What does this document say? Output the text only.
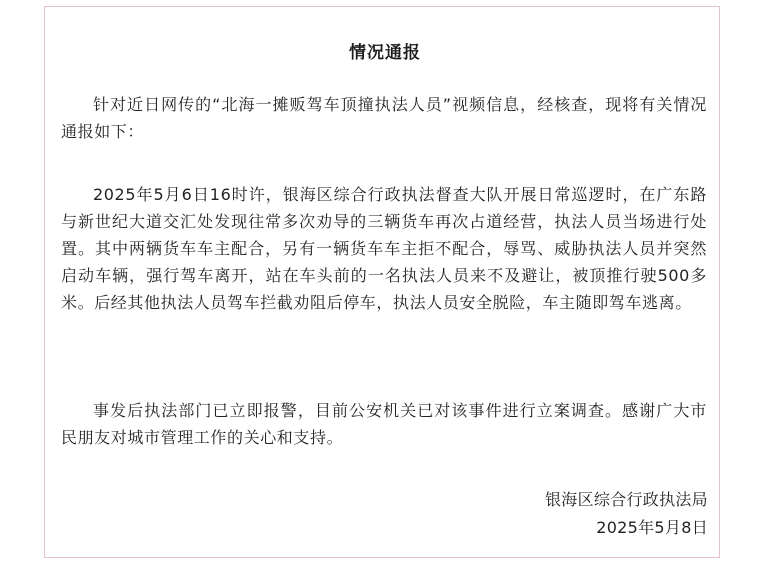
情况通报

针对近日网传的“北海一摊贩驾车顶撞执法人员”视频信息，经核查，现将有关情况通报如下：

2025年5月6日16时许，银海区综合行政执法督查大队开展日常巡逻时，在广东路与新世纪大道交汇处发现往常多次劝导的三辆货车再次占道经营，执法人员当场进行处置。其中两辆货车车主配合，另有一辆货车车主拒不配合，辱骂、威胁执法人员并突然启动车辆，强行驾车离开，站在车头前的一名执法人员来不及避让，被顶推行驶500多米。后经其他执法人员驾车拦截劝阻后停车，执法人员安全脱险，车主随即驾车逃离。

事发后执法部门已立即报警，目前公安机关已对该事件进行立案调查。感谢广大市民朋友对城市管理工作的关心和支持。

银海区综合行政执法局
2025年5月8日
